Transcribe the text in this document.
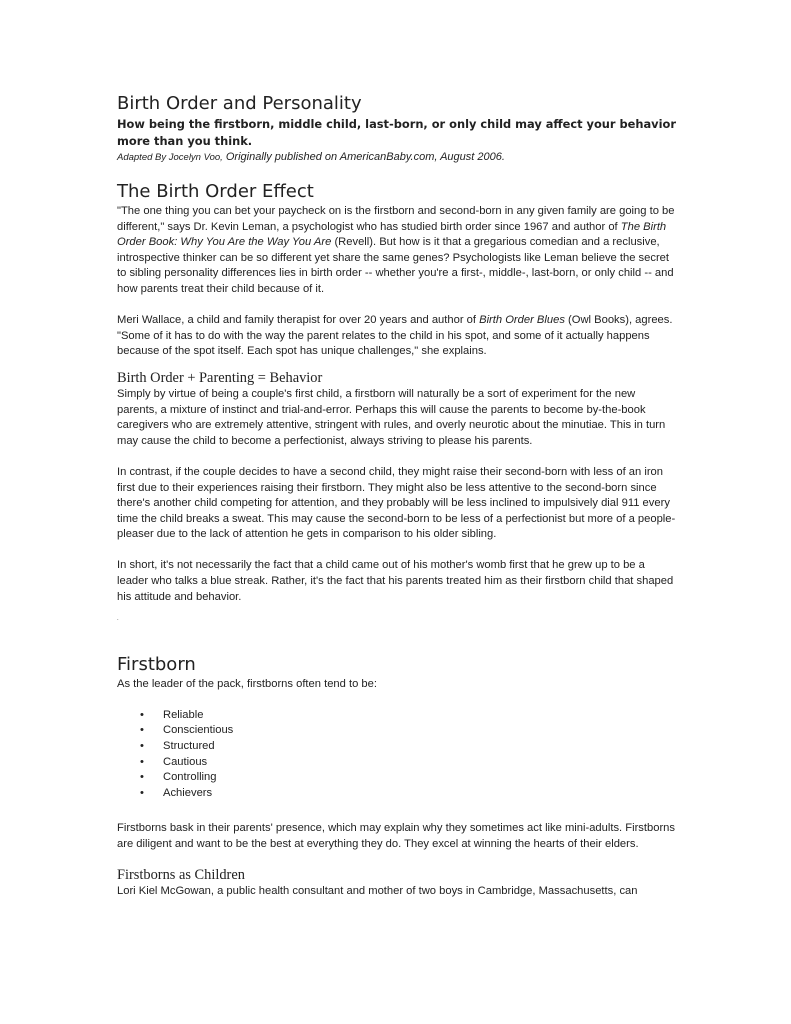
Birth Order and Personality

How being the firstborn, middle child, last-born, or only child may affect your behavior more than you think.

Adapted By Jocelyn Voo, Originally published on AmericanBaby.com, August 2006.

The Birth Order Effect

"The one thing you can bet your paycheck on is the firstborn and second-born in any given family are going to be different," says Dr. Kevin Leman, a psychologist who has studied birth order since 1967 and author of The Birth Order Book: Why You Are the Way You Are (Revell). But how is it that a gregarious comedian and a reclusive, introspective thinker can be so different yet share the same genes? Psychologists like Leman believe the secret to sibling personality differences lies in birth order -- whether you're a first-, middle-, last-born, or only child -- and how parents treat their child because of it.

Meri Wallace, a child and family therapist for over 20 years and author of Birth Order Blues (Owl Books), agrees. "Some of it has to do with the way the parent relates to the child in his spot, and some of it actually happens because of the spot itself. Each spot has unique challenges," she explains.

Birth Order + Parenting = Behavior

Simply by virtue of being a couple's first child, a firstborn will naturally be a sort of experiment for the new parents, a mixture of instinct and trial-and-error. Perhaps this will cause the parents to become by-the-book caregivers who are extremely attentive, stringent with rules, and overly neurotic about the minutiae. This in turn may cause the child to become a perfectionist, always striving to please his parents.

In contrast, if the couple decides to have a second child, they might raise their second-born with less of an iron first due to their experiences raising their firstborn. They might also be less attentive to the second-born since there's another child competing for attention, and they probably will be less inclined to impulsively dial 911 every time the child breaks a sweat. This may cause the second-born to be less of a perfectionist but more of a people-pleaser due to the lack of attention he gets in comparison to his older sibling.

In short, it's not necessarily the fact that a child came out of his mother's womb first that he grew up to be a leader who talks a blue streak. Rather, it's the fact that his parents treated him as their firstborn child that shaped his attitude and behavior.

.

Firstborn

As the leader of the pack, firstborns often tend to be:

• Reliable
• Conscientious
• Structured
• Cautious
• Controlling
• Achievers

Firstborns bask in their parents' presence, which may explain why they sometimes act like mini-adults. Firstborns are diligent and want to be the best at everything they do. They excel at winning the hearts of their elders.

Firstborns as Children

Lori Kiel McGowan, a public health consultant and mother of two boys in Cambridge, Massachusetts, can
